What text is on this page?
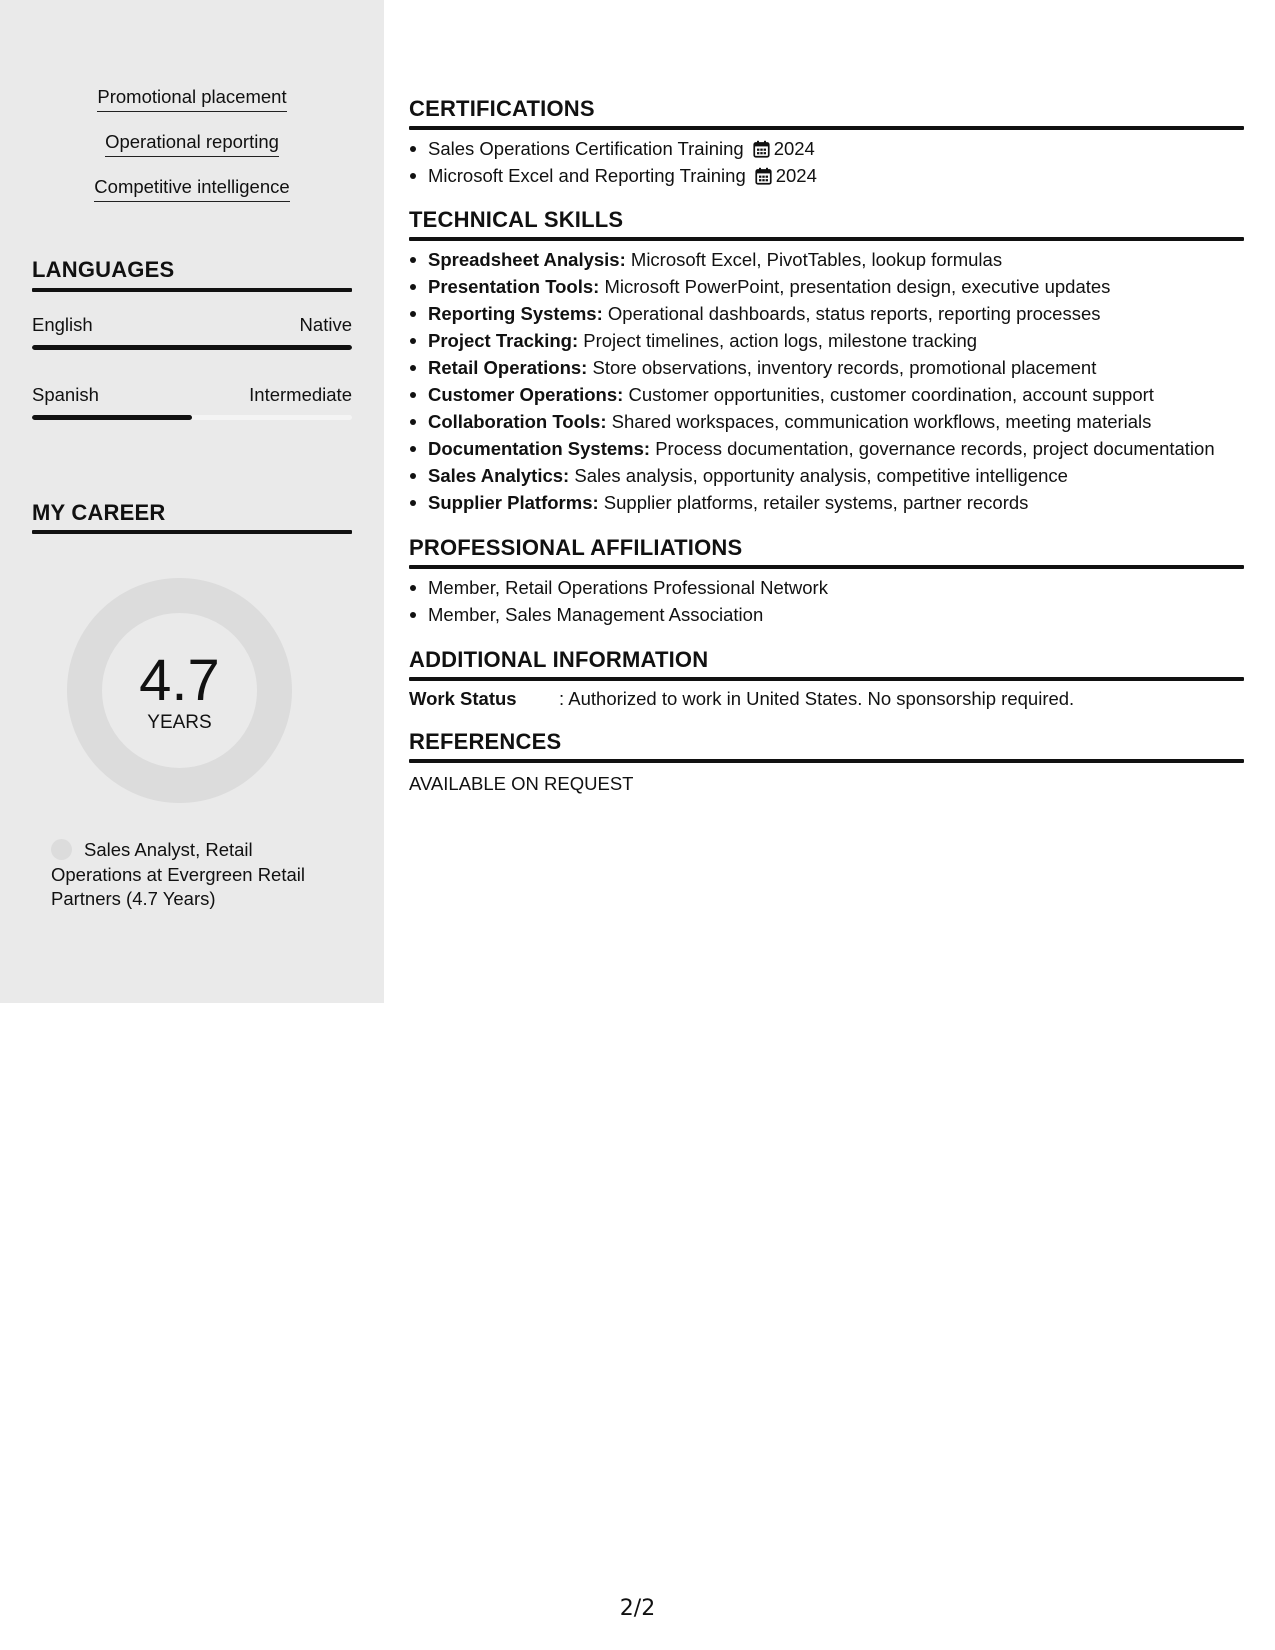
Promotional placement
Operational reporting
Competitive intelligence
LANGUAGES
English	Native
Spanish	Intermediate
MY CAREER
4.7
YEARS
Sales Analyst, Retail Operations at Evergreen Retail Partners (4.7 Years)
CERTIFICATIONS
Sales Operations Certification Training 2024
Microsoft Excel and Reporting Training 2024
TECHNICAL SKILLS
Spreadsheet Analysis: Microsoft Excel, PivotTables, lookup formulas
Presentation Tools: Microsoft PowerPoint, presentation design, executive updates
Reporting Systems: Operational dashboards, status reports, reporting processes
Project Tracking: Project timelines, action logs, milestone tracking
Retail Operations: Store observations, inventory records, promotional placement
Customer Operations: Customer opportunities, customer coordination, account support
Collaboration Tools: Shared workspaces, communication workflows, meeting materials
Documentation Systems: Process documentation, governance records, project documentation
Sales Analytics: Sales analysis, opportunity analysis, competitive intelligence
Supplier Platforms: Supplier platforms, retailer systems, partner records
PROFESSIONAL AFFILIATIONS
Member, Retail Operations Professional Network
Member, Sales Management Association
ADDITIONAL INFORMATION
Work Status : Authorized to work in United States. No sponsorship required.
REFERENCES
AVAILABLE ON REQUEST
2/2
